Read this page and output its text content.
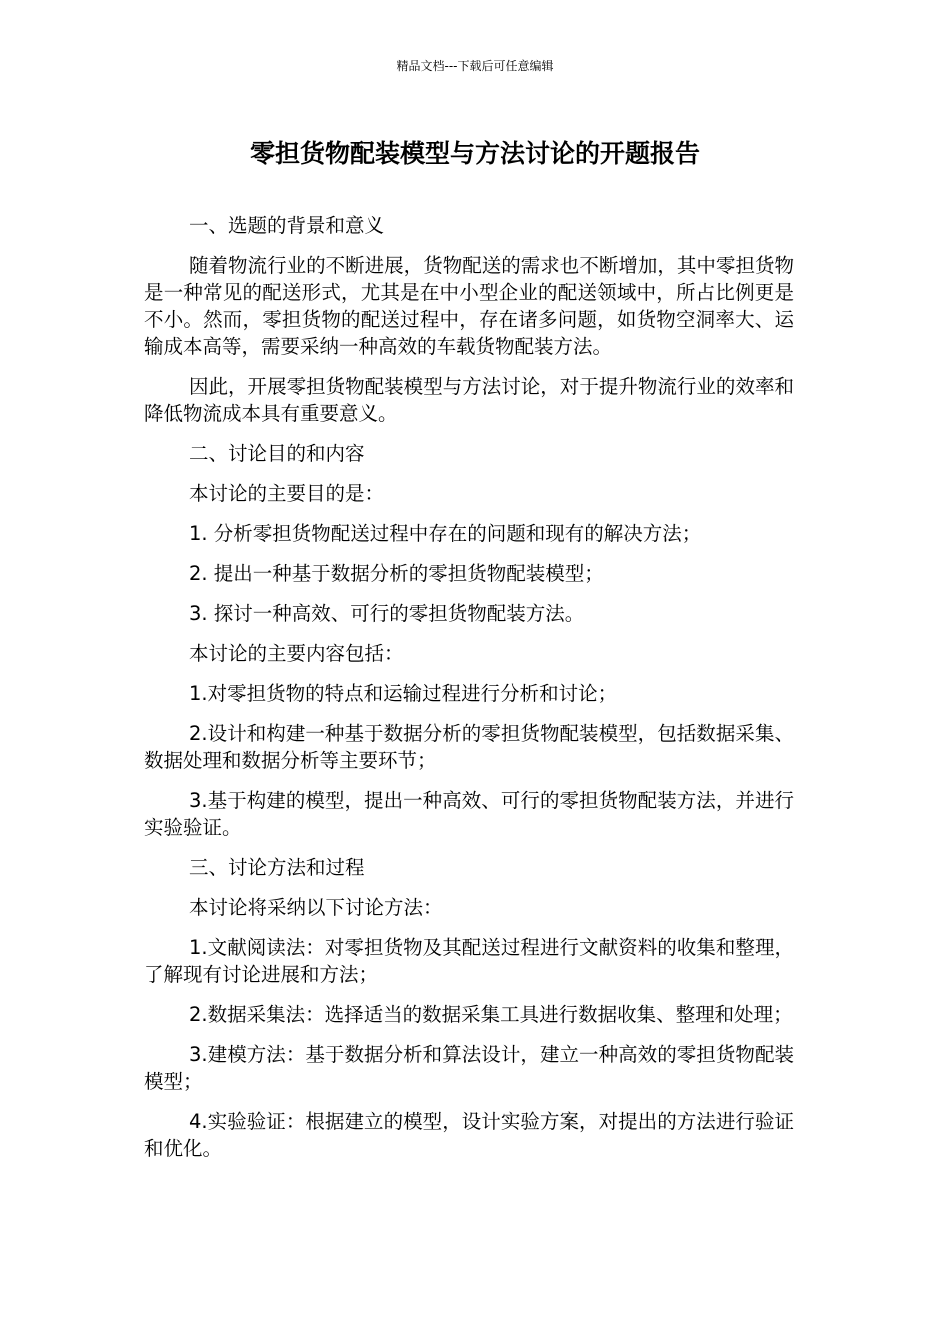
精品文档---下载后可任意编辑
零担货物配装模型与方法讨论的开题报告

一、选题的背景和意义

随着物流行业的不断进展，货物配送的需求也不断增加，其中零担货物是一种常见的配送形式，尤其是在中小型企业的配送领域中，所占比例更是不小。然而，零担货物的配送过程中，存在诸多问题，如货物空洞率大、运输成本高等，需要采纳一种高效的车载货物配装方法。

因此，开展零担货物配装模型与方法讨论，对于提升物流行业的效率和降低物流成本具有重要意义。

二、讨论目的和内容

本讨论的主要目的是：

1. 分析零担货物配送过程中存在的问题和现有的解决方法；

2. 提出一种基于数据分析的零担货物配装模型；

3. 探讨一种高效、可行的零担货物配装方法。

本讨论的主要内容包括：

1.对零担货物的特点和运输过程进行分析和讨论；

2.设计和构建一种基于数据分析的零担货物配装模型，包括数据采集、数据处理和数据分析等主要环节；

3.基于构建的模型，提出一种高效、可行的零担货物配装方法，并进行实验验证。

三、讨论方法和过程

本讨论将采纳以下讨论方法：

1.文献阅读法：对零担货物及其配送过程进行文献资料的收集和整理，了解现有讨论进展和方法；

2.数据采集法：选择适当的数据采集工具进行数据收集、整理和处理；

3.建模方法：基于数据分析和算法设计，建立一种高效的零担货物配装模型；

4.实验验证：根据建立的模型，设计实验方案，对提出的方法进行验证和优化。
